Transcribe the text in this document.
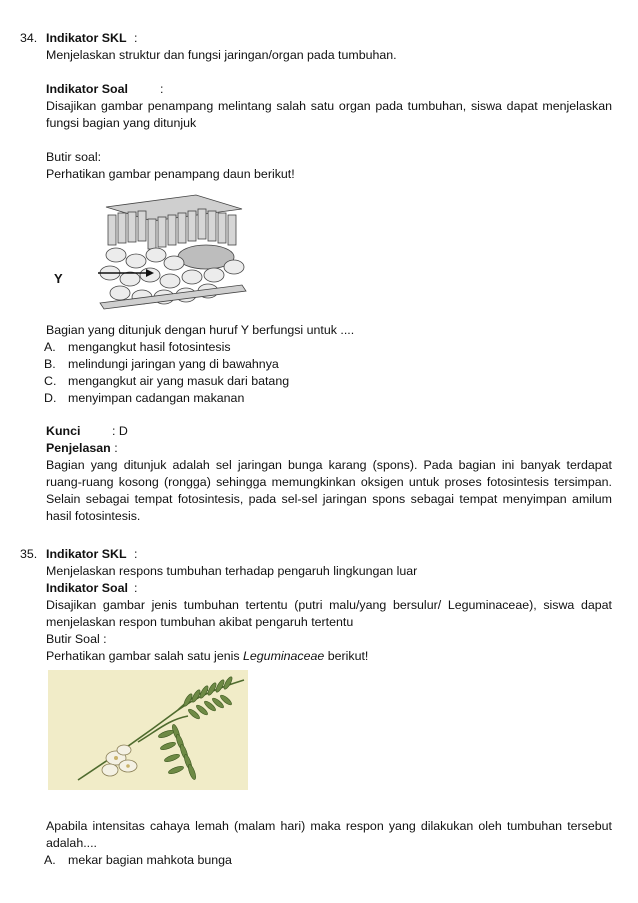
34. Indikator SKL :
Menjelaskan struktur dan fungsi jaringan/organ pada tumbuhan.
Indikator Soal	:
Disajikan gambar penampang melintang salah satu organ pada tumbuhan, siswa dapat menjelaskan fungsi bagian yang ditunjuk
Butir soal:
Perhatikan gambar penampang daun berikut!
Y
Bagian yang ditunjuk dengan huruf Y berfungsi untuk ....
A. mengangkut hasil fotosintesis
B. melindungi jaringan yang di bawahnya
C. mengangkut air yang masuk dari batang
D. menyimpan cadangan makanan
Kunci	: D
Penjelasan :
Bagian yang ditunjuk adalah sel jaringan bunga karang (spons). Pada bagian ini banyak terdapat ruang-ruang kosong (rongga) sehingga memungkinkan oksigen untuk proses fotosintesis tersimpan. Selain sebagai tempat fotosintesis, pada sel-sel jaringan spons sebagai tempat menyimpan amilum hasil fotosintesis.
35. Indikator SKL :
Menjelaskan respons tumbuhan terhadap pengaruh lingkungan luar
Indikator Soal :
Disajikan gambar jenis tumbuhan tertentu (putri malu/yang bersulur/ Leguminaceae), siswa dapat menjelaskan respon tumbuhan akibat pengaruh tertentu
Butir Soal :
Perhatikan gambar salah satu jenis Leguminaceae berikut!
Apabila intensitas cahaya lemah (malam hari) maka respon yang dilakukan oleh tumbuhan tersebut adalah....
A. mekar bagian mahkota bunga
